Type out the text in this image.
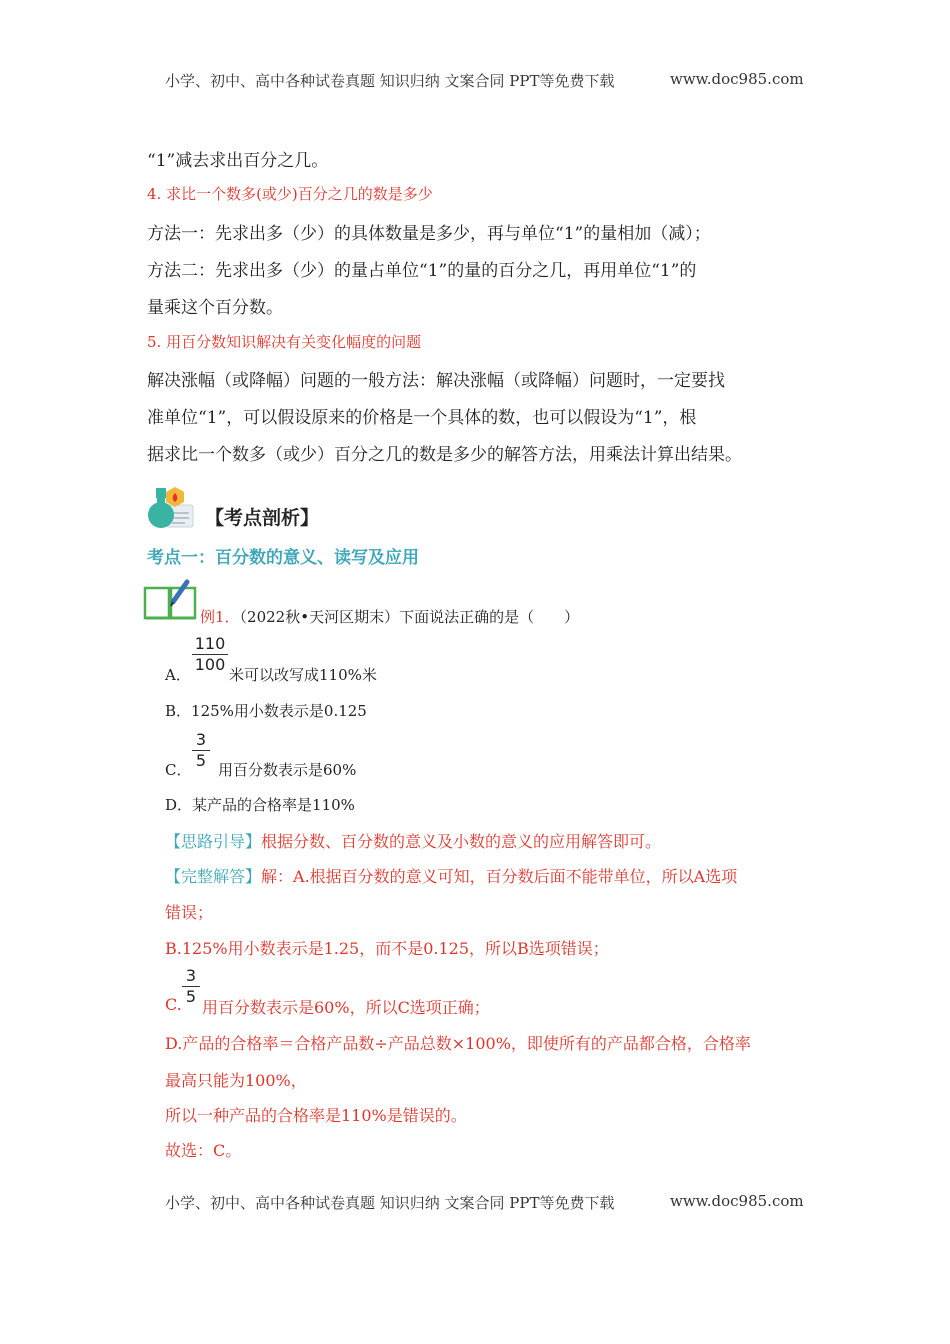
小学、初中、高中各种试卷真题 知识归纳 文案合同 PPT等免费下载	www.doc985.com
“1”减去求出百分之几。
4. 求比一个数多(或少)百分之几的数是多少
方法一：先求出多（少）的具体数量是多少，再与单位“1”的量相加（减）；
方法二：先求出多（少）的量占单位“1”的量的百分之几，再用单位“1”的
量乘这个百分数。
5. 用百分数知识解决有关变化幅度的问题
解决涨幅（或降幅）问题的一般方法：解决涨幅（或降幅）问题时，一定要找
准单位“1”，可以假设原来的价格是一个具体的数，也可以假设为“1”，根
据求比一个数多（或少）百分之几的数是多少的解答方法，用乘法计算出结果。
【考点剖析】
考点一：百分数的意义、读写及应用
例1．（2022秋•天河区期末）下面说法正确的是（　　）
A．
110
100
米可以改写成110%米
B．125%用小数表示是0.125
C．
3
5 用百分数表示是60%
D．某产品的合格率是110%
【思路引导】根据分数、百分数的意义及小数的意义的应用解答即可。
【完整解答】解：A.根据百分数的意义可知，百分数后面不能带单位，所以A选项
错误；
B.125%用小数表示是1.25，而不是0.125，所以B选项错误；
C.
3
5
用百分数表示是60%，所以C选项正确；
D.产品的合格率＝合格产品数÷产品总数×100%，即使所有的产品都合格，合格率
最高只能为100%，
所以一种产品的合格率是110%是错误的。
故选：C。
小学、初中、高中各种试卷真题 知识归纳 文案合同 PPT等免费下载	www.doc985.com
